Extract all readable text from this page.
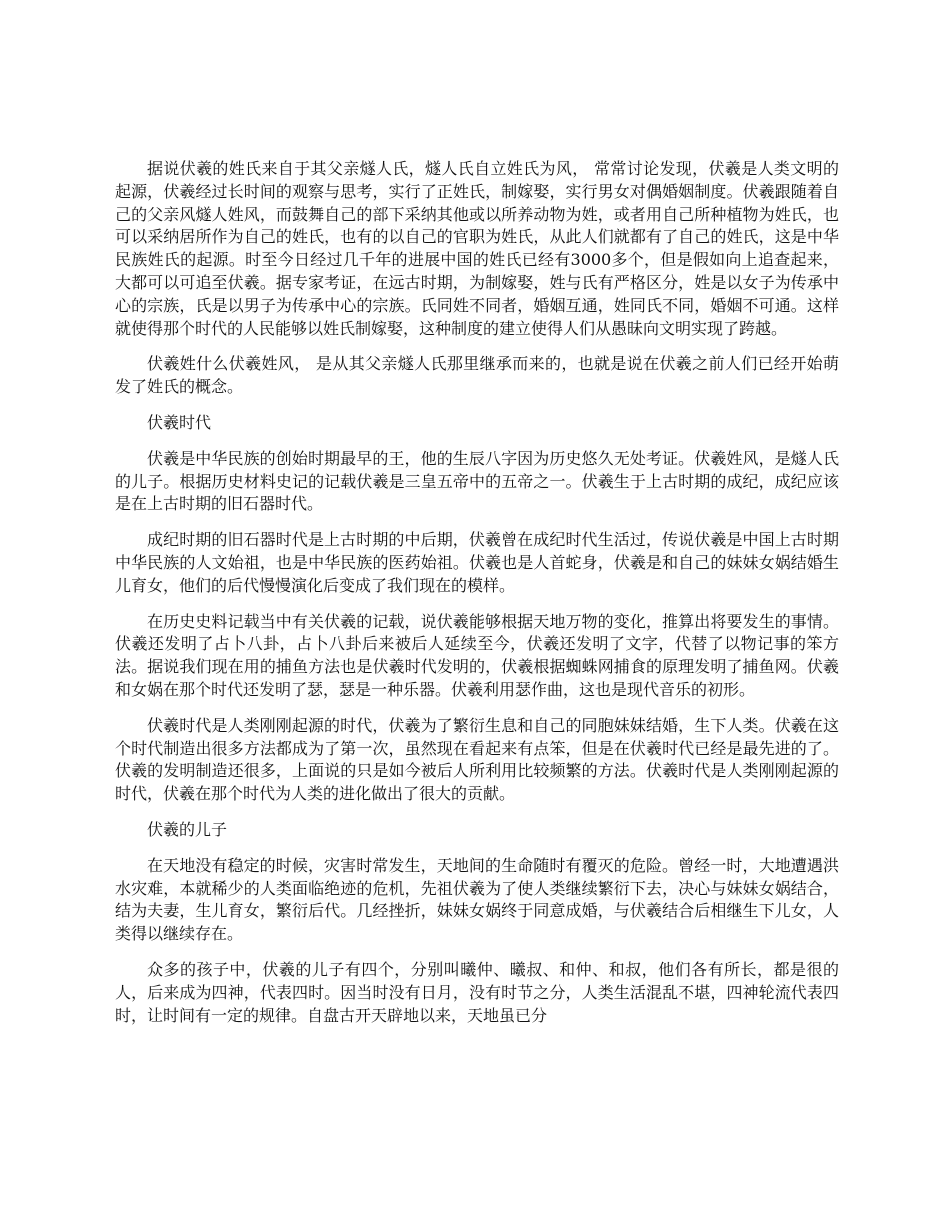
据说伏羲的姓氏来自于其父亲燧人氏，燧人氏自立姓氏为风， 常常讨论发现，伏羲是人类文明的起源，伏羲经过长时间的观察与思考，实行了正姓氏，制嫁娶，实行男女对偶婚姻制度。伏羲跟随着自己的父亲风燧人姓风，而鼓舞自己的部下采纳其他或以所养动物为姓，或者用自己所种植物为姓氏，也可以采纳居所作为自己的姓氏，也有的以自己的官职为姓氏，从此人们就都有了自己的姓氏，这是中华民族姓氏的起源。时至今日经过几千年的进展中国的姓氏已经有3000多个，但是假如向上追查起来，大都可以可追至伏羲。据专家考证，在远古时期，为制嫁娶，姓与氏有严格区分，姓是以女子为传承中心的宗族，氏是以男子为传承中心的宗族。氏同姓不同者，婚姻互通，姓同氏不同，婚姻不可通。这样就使得那个时代的人民能够以姓氏制嫁娶，这种制度的建立使得人们从愚昧向文明实现了跨越。

伏羲姓什么伏羲姓风， 是从其父亲燧人氏那里继承而来的，也就是说在伏羲之前人们已经开始萌发了姓氏的概念。

伏羲时代

伏羲是中华民族的创始时期最早的王，他的生辰八字因为历史悠久无处考证。伏羲姓风，是燧人氏的儿子。根据历史材料史记的记载伏羲是三皇五帝中的五帝之一。伏羲生于上古时期的成纪，成纪应该是在上古时期的旧石器时代。

成纪时期的旧石器时代是上古时期的中后期，伏羲曾在成纪时代生活过，传说伏羲是中国上古时期中华民族的人文始祖，也是中华民族的医药始祖。伏羲也是人首蛇身，伏羲是和自己的妹妹女娲结婚生儿育女，他们的后代慢慢演化后变成了我们现在的模样。

在历史史料记载当中有关伏羲的记载，说伏羲能够根据天地万物的变化，推算出将要发生的事情。伏羲还发明了占卜八卦，占卜八卦后来被后人延续至今，伏羲还发明了文字，代替了以物记事的笨方法。据说我们现在用的捕鱼方法也是伏羲时代发明的，伏羲根据蜘蛛网捕食的原理发明了捕鱼网。伏羲和女娲在那个时代还发明了瑟，瑟是一种乐器。伏羲利用瑟作曲，这也是现代音乐的初形。

伏羲时代是人类刚刚起源的时代，伏羲为了繁衍生息和自己的同胞妹妹结婚，生下人类。伏羲在这个时代制造出很多方法都成为了第一次，虽然现在看起来有点笨，但是在伏羲时代已经是最先进的了。伏羲的发明制造还很多，上面说的只是如今被后人所利用比较频繁的方法。伏羲时代是人类刚刚起源的时代，伏羲在那个时代为人类的进化做出了很大的贡献。

伏羲的儿子

在天地没有稳定的时候，灾害时常发生，天地间的生命随时有覆灭的危险。曾经一时，大地遭遇洪水灾难，本就稀少的人类面临绝迹的危机，先祖伏羲为了使人类继续繁衍下去，决心与妹妹女娲结合，结为夫妻，生儿育女，繁衍后代。几经挫折，妹妹女娲终于同意成婚，与伏羲结合后相继生下儿女，人类得以继续存在。

众多的孩子中，伏羲的儿子有四个，分别叫曦仲、曦叔、和仲、和叔，他们各有所长，都是很的人，后来成为四神，代表四时。因当时没有日月，没有时节之分，人类生活混乱不堪，四神轮流代表四时，让时间有一定的规律。自盘古开天辟地以来，天地虽已分
